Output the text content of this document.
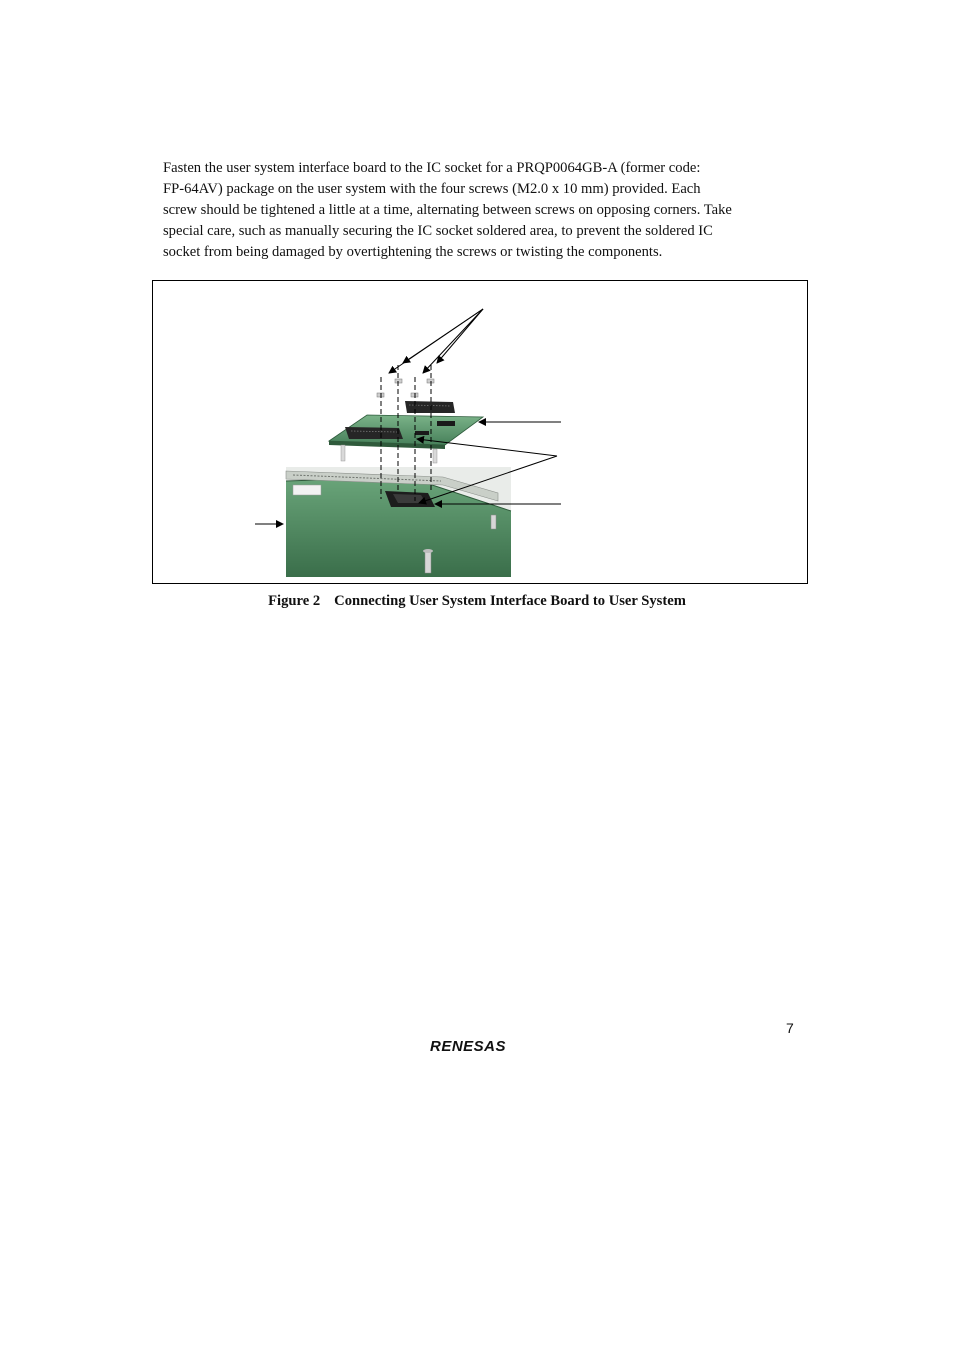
Fasten the user system interface board to the IC socket for a PRQP0064GB-A (former code:
FP-64AV) package on the user system with the four screws (M2.0 x 10 mm) provided. Each
screw should be tightened a little at a time, alternating between screws on opposing corners. Take
special care, such as manually securing the IC socket soldered area, to prevent the soldered IC
socket from being damaged by overtightening the screws or twisting the components.
Figure 2 Connecting User System Interface Board to User System
7
RENESAS
